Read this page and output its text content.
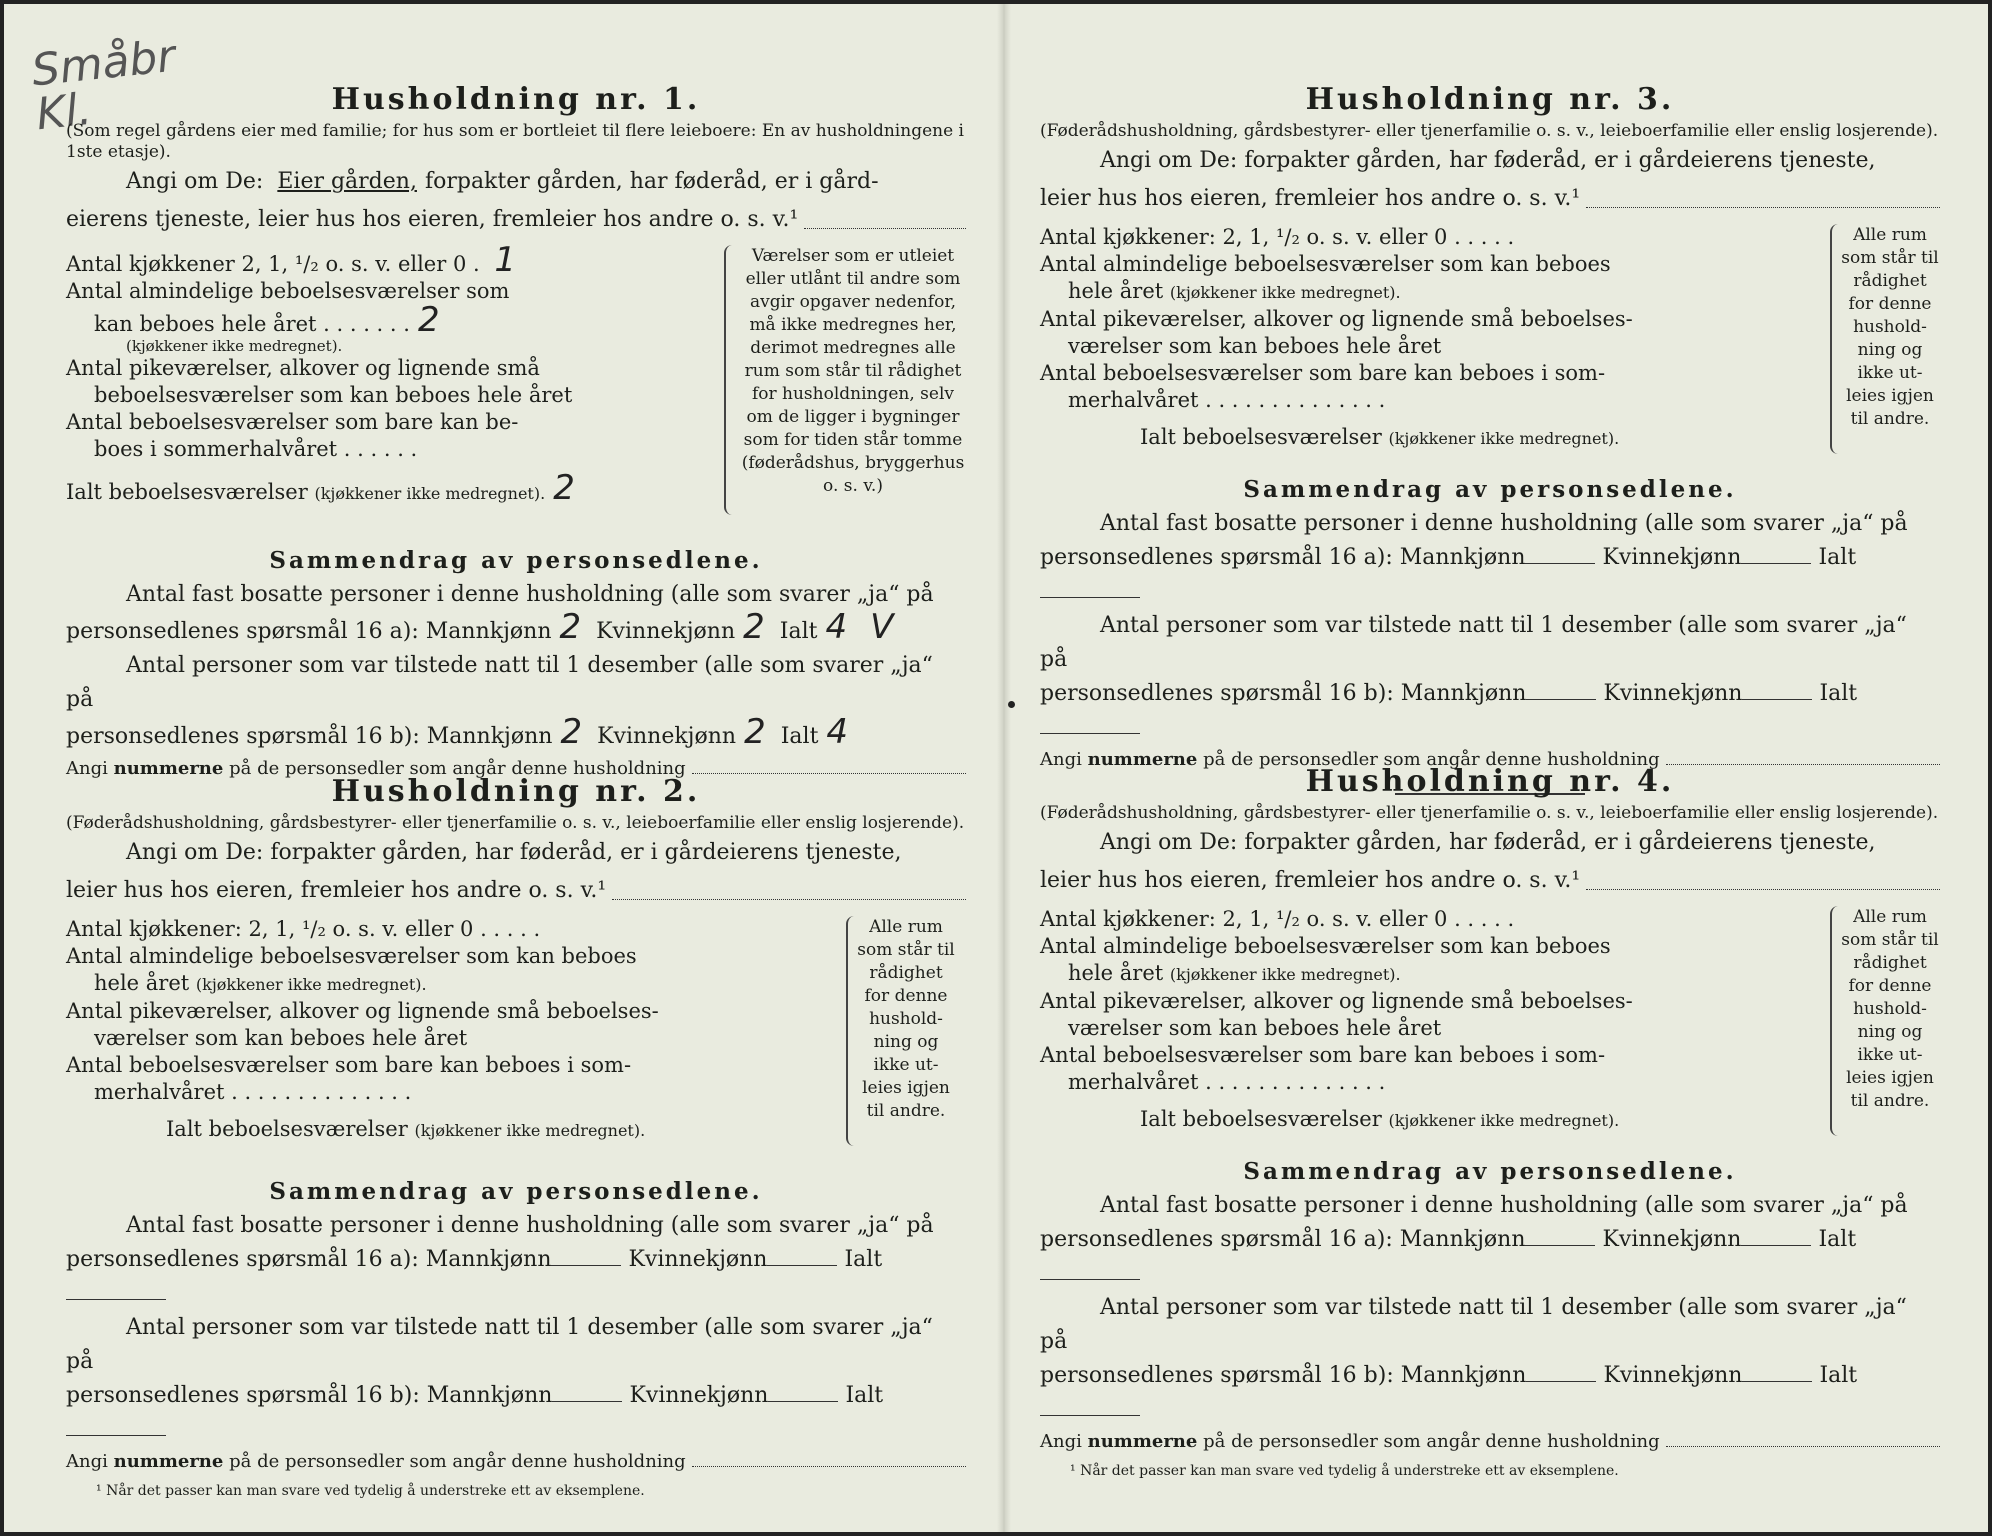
Småbr
Kl.	Husholdning nr. 1.

(Som regel gårdens eier med familie; for hus som er bortleiet til flere leieboere: En av husholdningene i 1ste etasje).

Angi om De: Eier gården, forpakter gården, har føderåd, er i gård-
eierens tjeneste, leier hus hos eieren, fremleier hos andre o. s. v.¹
Antal kjøkkener 2, 1, ¹/₂ o. s. v. eller 0 . 1
Antal almindelige beboelsesværelser som
kan beboes hele året . . . . . . . 2
(kjøkkener ikke medregnet).
Antal pikeværelser, alkover og lignende små
beboelsesværelser som kan beboes hele året
Antal beboelsesværelser som bare kan be-
boes i sommerhalvåret . . . . . .
Ialt beboelsesværelser (kjøkkener ikke medregnet). 2
Værelser som er utleiet eller utlånt til andre som avgir opgaver nedenfor, må ikke medregnes her, derimot medregnes alle rum som står til rådighet for husholdningen, selv om de ligger i bygninger som for tiden står tomme (føderådshus, bryggerhus o. s. v.)
Sammendrag av personsedlene.

Antal fast bosatte personer i denne husholdning (alle som svarer „ja“ på

personsedlenes spørsmål 16 a): Mannkjønn 2 Kvinnekjønn 2 Ialt 4 V

Antal personer som var tilstede natt til 1 desember (alle som svarer „ja“ på

personsedlenes spørsmål 16 b): Mannkjønn 2 Kvinnekjønn 2 Ialt 4

Angi
nummerne
på de personsedler som angår denne husholdning
Husholdning nr. 2.

(Føderådshusholdning, gårdsbestyrer- eller tjenerfamilie o. s. v., leieboerfamilie eller enslig losjerende).

Angi om De: forpakter gården, har føderåd, er i gårdeierens tjeneste,
leier hus hos eieren, fremleier hos andre o. s. v.¹
Antal kjøkkener: 2, 1, ¹/₂ o. s. v. eller 0 . . . . .
Antal almindelige beboelsesværelser som kan beboes
hele året (kjøkkener ikke medregnet).
Antal pikeværelser, alkover og lignende små beboelses-
værelser som kan beboes hele året
Antal beboelsesværelser som bare kan beboes i som-
merhalvåret . . . . . . . . . . . . . .
Ialt beboelsesværelser (kjøkkener ikke medregnet).
Alle rum som står til rådighet for denne hushold-ning og ikke ut-leies igjen til andre.
Sammendrag av personsedlene.

Antal fast bosatte personer i denne husholdning (alle som svarer „ja“ på

personsedlenes spørsmål 16 a): Mannkjønn	Kvinnekjønn	Ialt

Antal personer som var tilstede natt til 1 desember (alle som svarer „ja“ på

personsedlenes spørsmål 16 b): Mannkjønn	Kvinnekjønn	Ialt

Angi
nummerne
på de personsedler som angår denne husholdning
¹ Når det passer kan man svare ved tydelig å understreke ett av eksemplene.
Husholdning nr. 3.

(Føderådshusholdning, gårdsbestyrer- eller tjenerfamilie o. s. v., leieboerfamilie eller enslig losjerende).

Angi om De: forpakter gården, har føderåd, er i gårdeierens tjeneste,
leier hus hos eieren, fremleier hos andre o. s. v.¹
Antal kjøkkener: 2, 1, ¹/₂ o. s. v. eller 0 . . . . .
Antal almindelige beboelsesværelser som kan beboes
hele året (kjøkkener ikke medregnet).
Antal pikeværelser, alkover og lignende små beboelses-
værelser som kan beboes hele året
Antal beboelsesværelser som bare kan beboes i som-
merhalvåret . . . . . . . . . . . . . .
Ialt beboelsesværelser (kjøkkener ikke medregnet).
Alle rum som står til rådighet for denne hushold-ning og ikke ut-leies igjen til andre.
Sammendrag av personsedlene.

Antal fast bosatte personer i denne husholdning (alle som svarer „ja“ på

personsedlenes spørsmål 16 a): Mannkjønn	Kvinnekjønn	Ialt

Antal personer som var tilstede natt til 1 desember (alle som svarer „ja“ på

personsedlenes spørsmål 16 b): Mannkjønn	Kvinnekjønn	Ialt

Angi
nummerne
på de personsedler som angår denne husholdning
Husholdning nr. 4.

(Føderådshusholdning, gårdsbestyrer- eller tjenerfamilie o. s. v., leieboerfamilie eller enslig losjerende).

Angi om De: forpakter gården, har føderåd, er i gårdeierens tjeneste,
leier hus hos eieren, fremleier hos andre o. s. v.¹
Antal kjøkkener: 2, 1, ¹/₂ o. s. v. eller 0 . . . . .
Antal almindelige beboelsesværelser som kan beboes
hele året (kjøkkener ikke medregnet).
Antal pikeværelser, alkover og lignende små beboelses-
værelser som kan beboes hele året
Antal beboelsesværelser som bare kan beboes i som-
merhalvåret . . . . . . . . . . . . . .
Ialt beboelsesværelser (kjøkkener ikke medregnet).
Alle rum som står til rådighet for denne hushold-ning og ikke ut-leies igjen til andre.
Sammendrag av personsedlene.

Antal fast bosatte personer i denne husholdning (alle som svarer „ja“ på

personsedlenes spørsmål 16 a): Mannkjønn	Kvinnekjønn	Ialt

Antal personer som var tilstede natt til 1 desember (alle som svarer „ja“ på

personsedlenes spørsmål 16 b): Mannkjønn	Kvinnekjønn	Ialt

Angi
nummerne
på de personsedler som angår denne husholdning
¹ Når det passer kan man svare ved tydelig å understreke ett av eksemplene.
